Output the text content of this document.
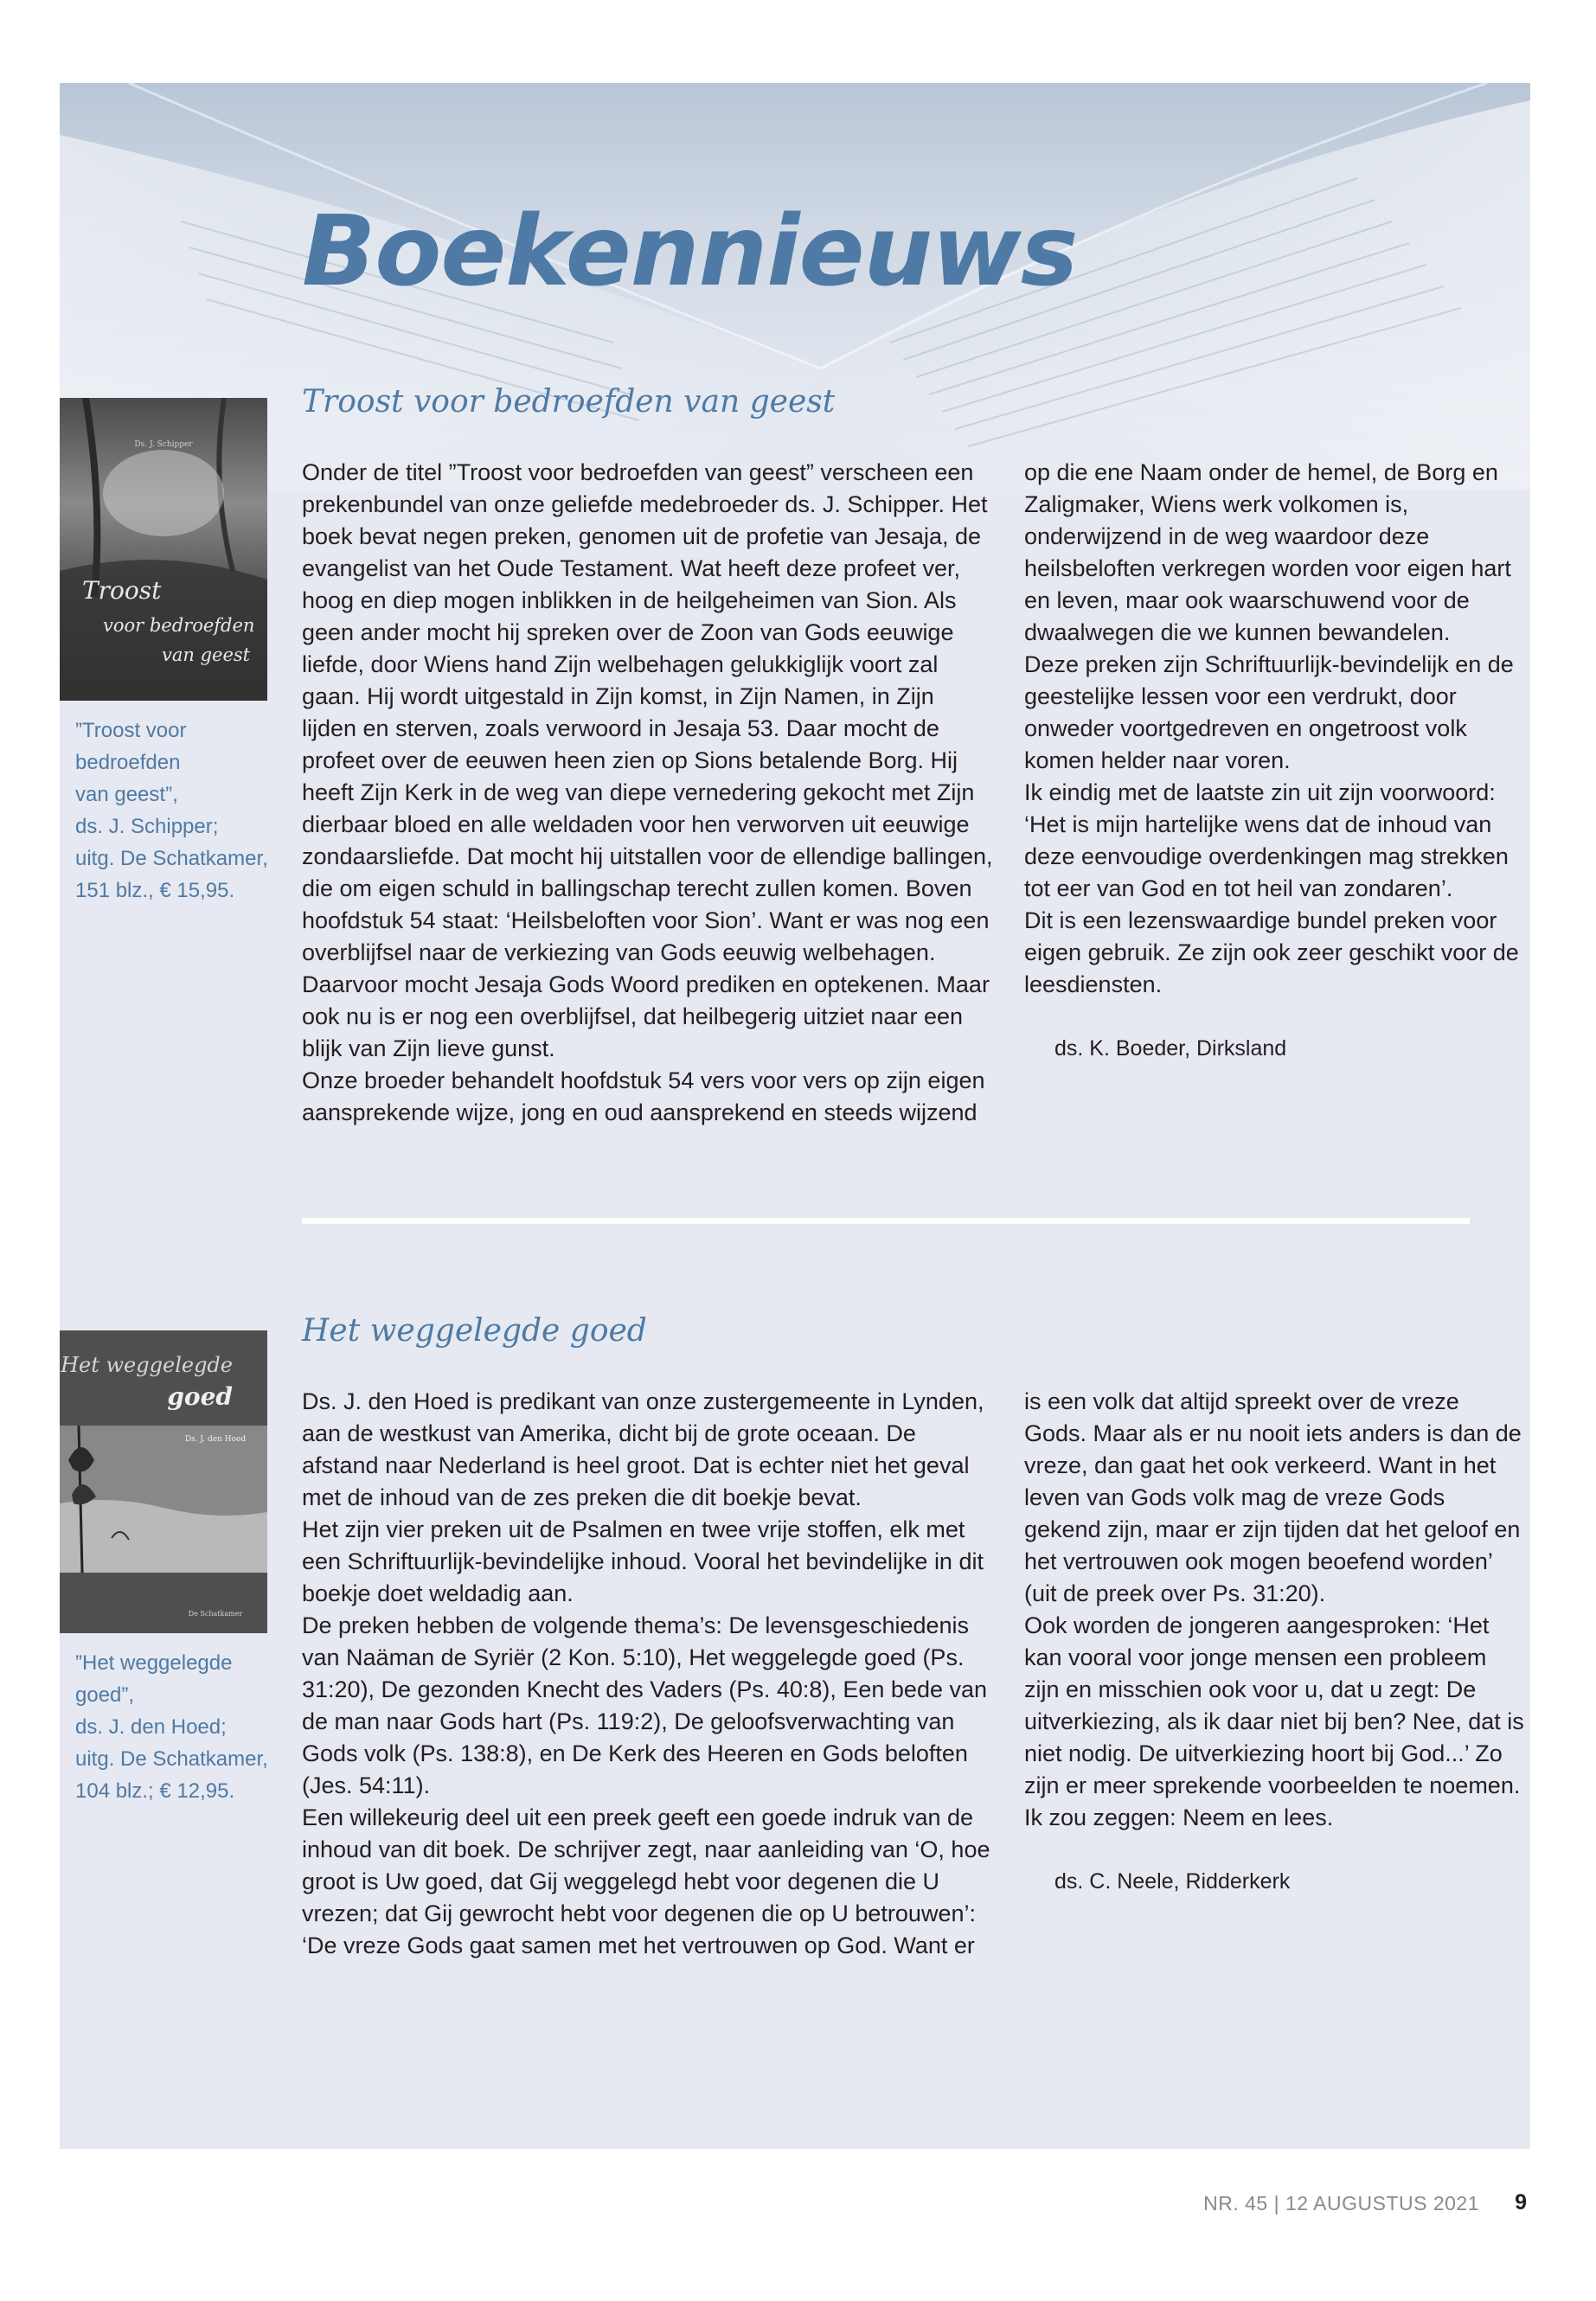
Boekennieuws
Troost voor bedroefden van geest
Ds. J. Schipper
Troost
voor bedroefden
van geest
”Troost voor
bedroefden
van geest”,
ds. J. Schipper;
uitg. De Schatkamer,
151 blz., € 15,95.

Onder de titel ”Troost voor bedroefden van geest” verscheen een prekenbundel van onze geliefde medebroeder ds. J. Schipper. Het boek bevat negen preken, genomen uit de profetie van Jesaja, de evangelist van het Oude Testament. Wat heeft deze profeet ver, hoog en diep mogen inblikken in de heilgeheimen van Sion. Als geen ander mocht hij spreken over de Zoon van Gods eeuwige liefde, door Wiens hand Zijn welbehagen gelukkiglijk voort zal gaan. Hij wordt uitgestald in Zijn komst, in Zijn Namen, in Zijn lijden en sterven, zoals verwoord in Jesaja 53. Daar mocht de profeet over de eeuwen heen zien op Sions betalende Borg. Hij heeft Zijn Kerk in de weg van diepe vernedering gekocht met Zijn dierbaar bloed en alle weldaden voor hen verworven uit eeuwige zondaarsliefde. Dat mocht hij uitstallen voor de ellendige ballingen, die om eigen schuld in ballingschap terecht zullen komen. Boven hoofdstuk 54 staat: ‘Heilsbeloften voor Sion’. Want er was nog een overblijfsel naar de verkiezing van Gods eeuwig welbehagen. Daarvoor mocht Jesaja Gods Woord prediken en optekenen. Maar ook nu is er nog een overblijfsel, dat heilbegerig uitziet naar een blijk van Zijn lieve gunst.

Onze broeder behandelt hoofdstuk 54 vers voor vers op zijn eigen aansprekende wijze, jong en oud aansprekend en steeds wijzend

op die ene Naam onder de hemel, de Borg en Zaligmaker, Wiens werk volkomen is, onderwijzend in de weg waardoor deze heilsbeloften verkregen worden voor eigen hart en leven, maar ook waarschuwend voor de dwaalwegen die we kunnen bewandelen.

Deze preken zijn Schriftuurlijk-bevindelijk en de geestelijke lessen voor een verdrukt, door onweder voortgedreven en ongetroost volk komen helder naar voren.

Ik eindig met de laatste zin uit zijn voorwoord: ‘Het is mijn hartelijke wens dat de inhoud van deze eenvoudige overdenkingen mag strekken tot eer van God en tot heil van zondaren’.

Dit is een lezenswaardige bundel preken voor eigen gebruik. Ze zijn ook zeer geschikt voor de leesdiensten.

ds. K. Boeder, Dirksland
Het weggelegde goed
Het weggelegde
goed
Ds. J. den Hoed
De Schatkamer
”Het weggelegde
goed”,
ds. J. den Hoed;
uitg. De Schatkamer,
104 blz.; € 12,95.

Ds. J. den Hoed is predikant van onze zustergemeente in Lynden, aan de westkust van Amerika, dicht bij de grote oceaan. De afstand naar Nederland is heel groot. Dat is echter niet het geval met de inhoud van de zes preken die dit boekje bevat.

Het zijn vier preken uit de Psalmen en twee vrije stoffen, elk met een Schriftuurlijk-bevindelijke inhoud. Vooral het bevindelijke in dit boekje doet weldadig aan.

De preken hebben de volgende thema’s: De levensgeschiedenis van Naäman de Syriër (2 Kon. 5:10), Het weggelegde goed (Ps. 31:20), De gezonden Knecht des Vaders (Ps. 40:8), Een bede van de man naar Gods hart (Ps. 119:2), De geloofsverwachting van Gods volk (Ps. 138:8), en De Kerk des Heeren en Gods beloften (Jes. 54:11).

Een willekeurig deel uit een preek geeft een goede indruk van de inhoud van dit boek. De schrijver zegt, naar aanleiding van ‘O, hoe groot is Uw goed, dat Gij weggelegd hebt voor degenen die U vrezen; dat Gij gewrocht hebt voor degenen die op U betrouwen’: ‘De vreze Gods gaat samen met het vertrouwen op God. Want er

is een volk dat altijd spreekt over de vreze Gods. Maar als er nu nooit iets anders is dan de vreze, dan gaat het ook verkeerd. Want in het leven van Gods volk mag de vreze Gods gekend zijn, maar er zijn tijden dat het geloof en het vertrouwen ook mogen beoefend worden’ (uit de preek over Ps. 31:20).

Ook worden de jongeren aangesproken: ‘Het kan vooral voor jonge mensen een probleem zijn en misschien ook voor u, dat u zegt: De uitverkiezing, als ik daar niet bij ben? Nee, dat is niet nodig. De uitverkiezing hoort bij God...’ Zo zijn er meer sprekende voorbeelden te noemen. Ik zou zeggen: Neem en lees.

ds. C. Neele, Ridderkerk
NR. 45 | 12 AUGUSTUS 2021 9
